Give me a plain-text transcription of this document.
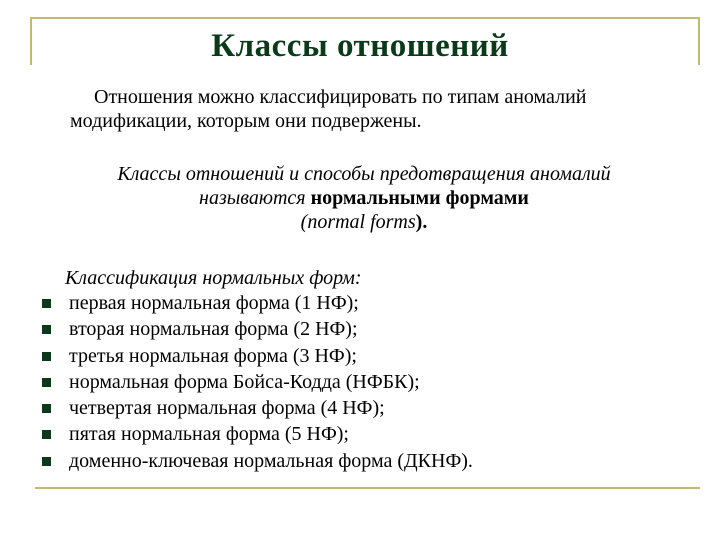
Классы отношений
Отношения можно классифицировать по типам аномалий модификации, которым они подвержены.
Классы отношений и способы предотвращения аномалий называются нормальными формами
(normal forms).
Классификация нормальных форм:
первая нормальная форма (1 НФ);
вторая нормальная форма (2 НФ);
третья нормальная форма (3 НФ);
нормальная форма Бойса-Кодда (НФБК);
четвертая нормальная форма (4 НФ);
пятая нормальная форма (5 НФ);
доменно-ключевая нормальная форма (ДКНФ).
